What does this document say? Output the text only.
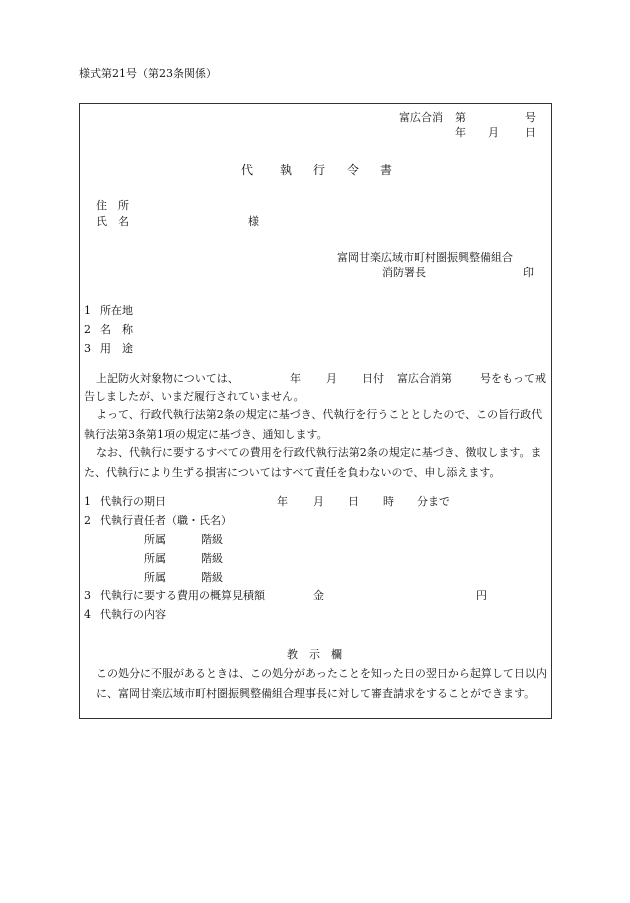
様式第21号（第23条関係）
富広合消 第	号
年 月 日
代 執 行 令 書
住　所
氏　名	様
富岡甘楽広域市町村圏振興整備組合
消防署長	印
1 所在地
2 名　称
3 用　途
上記防火対象物については、	年 月 日付 富広合消第	号をもって戒
告しましたが、いまだ履行されていません。
よって、行政代執行法第2条の規定に基づき、代執行を行うこととしたので、この旨行政代執行法第3条第1項の規定に基づき、通知します。
なお、代執行に要するすべての費用を行政代執行法第2条の規定に基づき、徴収します。また、代執行により生ずる損害についてはすべて責任を負わないので、申し添えます。
1 代執行の期日	年 月 日 時 分まで
2 代執行責任者（職・氏名）
所属	階級
所属	階級
所属	階級
3 代執行に要する費用の概算見積額	金	円
4 代執行の内容
教　示　欄
この処分に不服があるときは、この処分があったことを知った日の翌日から起算して日以内に、富岡甘楽広域市町村圏振興整備組合理事長に対して審査請求をすることができます。
